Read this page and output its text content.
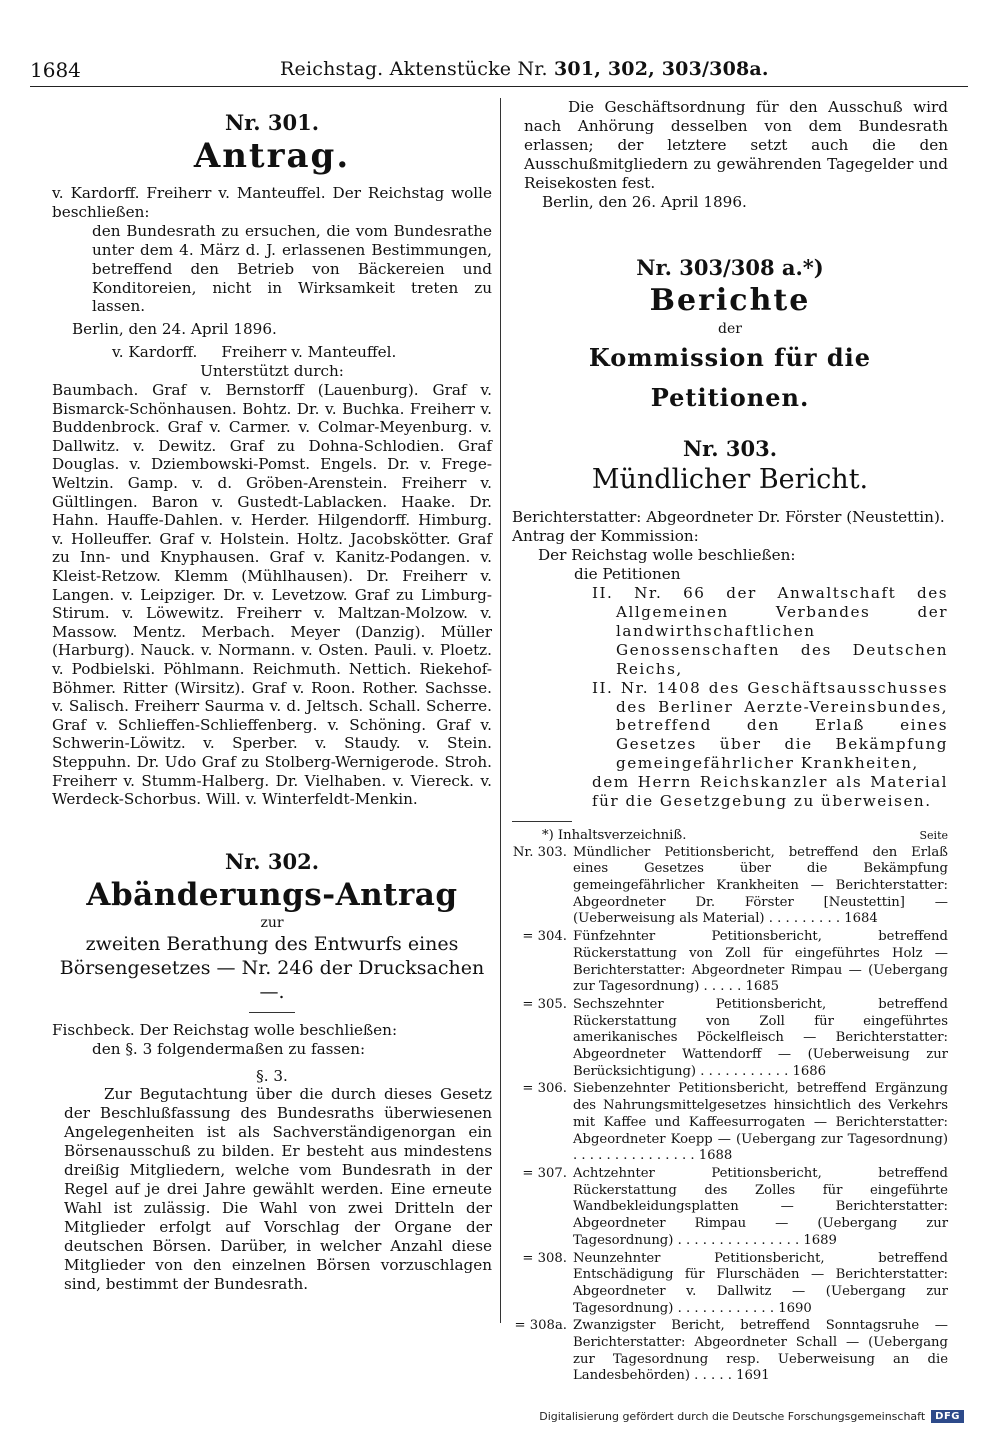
1684	Reichstag. Aktenstücke Nr. 301, 302, 303/308a.

Nr. 301.

Antrag.

v. Kardorff. Freiherr v. Manteuffel. Der Reichstag wolle beschließen:

den Bundesrath zu ersuchen, die vom Bundesrathe unter dem 4. März d. J. erlassenen Bestimmungen, betreffend den Betrieb von Bäckereien und Konditoreien, nicht in Wirksamkeit treten zu lassen.

Berlin, den 24. April 1896.

v. Kardorff.     Freiherr v. Manteuffel.

Unterstützt durch:

Baumbach. Graf v. Bernstorff (Lauenburg). Graf v. Bismarck-Schönhausen. Bohtz. Dr. v. Buchka. Freiherr v. Buddenbrock. Graf v. Carmer. v. Colmar-Meyenburg. v. Dallwitz. v. Dewitz. Graf zu Dohna-Schlodien. Graf Douglas. v. Dziembowski-Pomst. Engels. Dr. v. Frege-Weltzin. Gamp. v. d. Gröben-Arenstein. Freiherr v. Gültlingen. Baron v. Gustedt-Lablacken. Haake. Dr. Hahn. Hauffe-Dahlen. v. Herder. Hilgendorff. Himburg. v. Holleuffer. Graf v. Holstein. Holtz. Jacobskötter. Graf zu Inn- und Knyphausen. Graf v. Kanitz-Podangen. v. Kleist-Retzow. Klemm (Mühlhausen). Dr. Freiherr v. Langen. v. Leipziger. Dr. v. Levetzow. Graf zu Limburg-Stirum. v. Löwewitz. Freiherr v. Maltzan-Molzow. v. Massow. Mentz. Merbach. Meyer (Danzig). Müller (Harburg). Nauck. v. Normann. v. Osten. Pauli. v. Ploetz. v. Podbielski. Pöhlmann. Reichmuth. Nettich. Riekehof-Böhmer. Ritter (Wirsitz). Graf v. Roon. Rother. Sachsse. v. Salisch. Freiherr Saurma v. d. Jeltsch. Schall. Scherre. Graf v. Schlieffen-Schlieffenberg. v. Schöning. Graf v. Schwerin-Löwitz. v. Sperber. v. Staudy. v. Stein. Steppuhn. Dr. Udo Graf zu Stolberg-Wernigerode. Stroh. Freiherr v. Stumm-Halberg. Dr. Vielhaben. v. Viereck. v. Werdeck-Schorbus. Will. v. Winterfeldt-Menkin.

Nr. 302.

Abänderungs-Antrag

zur

zweiten Berathung des Entwurfs eines Börsengesetzes — Nr. 246 der Drucksachen —.

Fischbeck. Der Reichstag wolle beschließen:

den §. 3 folgendermaßen zu fassen:

§. 3.

Zur Begutachtung über die durch dieses Gesetz der Beschlußfassung des Bundesraths überwiesenen Angelegenheiten ist als Sachverständigenorgan ein Börsenausschuß zu bilden. Er besteht aus mindestens dreißig Mitgliedern, welche vom Bundesrath in der Regel auf je drei Jahre gewählt werden. Eine erneute Wahl ist zulässig. Die Wahl von zwei Dritteln der Mitglieder erfolgt auf Vorschlag der Organe der deutschen Börsen. Darüber, in welcher Anzahl diese Mitglieder von den einzelnen Börsen vorzuschlagen sind, bestimmt der Bundesrath.

Die Geschäftsordnung für den Ausschuß wird nach Anhörung desselben von dem Bundesrath erlassen; der letztere setzt auch die den Ausschußmitgliedern zu gewährenden Tagegelder und Reisekosten fest.

Berlin, den 26. April 1896.

Nr. 303/308 a.*)

Berichte

der

Kommission für die Petitionen.

Nr. 303.

Mündlicher Bericht.

Berichterstatter: Abgeordneter Dr. Förster (Neustettin).

Antrag der Kommission:

Der Reichstag wolle beschließen:

die Petitionen

II. Nr. 66 der Anwaltschaft des Allgemeinen Verbandes der landwirthschaftlichen Genossenschaften des Deutschen Reichs,

II. Nr. 1408 des Geschäftsausschusses des Berliner Aerzte-Vereinsbundes, betreffend den Erlaß eines Gesetzes über die Bekämpfung gemeingefährlicher Krankheiten,

dem Herrn Reichskanzler als Material für die Gesetzgebung zu überweisen.

*) Inhaltsverzeichniß.	Seite
Nr. 303. Mündlicher Petitionsbericht, betreffend den Erlaß eines Gesetzes über die Bekämpfung gemeingefährlicher Krankheiten — Berichterstatter: Abgeordneter Dr. Förster [Neustettin] — (Ueberweisung als Material) . . . . . . . . . 1684
= 304. Fünfzehnter Petitionsbericht, betreffend Rückerstattung von Zoll für eingeführtes Holz — Berichterstatter: Abgeordneter Rimpau — (Uebergang zur Tagesordnung) . . . . . 1685
= 305. Sechszehnter Petitionsbericht, betreffend Rückerstattung von Zoll für eingeführtes amerikanisches Pöckelfleisch — Berichterstatter: Abgeordneter Wattendorff — (Ueberweisung zur Berücksichtigung) . . . . . . . . . . . 1686
= 306. Siebenzehnter Petitionsbericht, betreffend Ergänzung des Nahrungsmittelgesetzes hinsichtlich des Verkehrs mit Kaffee und Kaffeesurrogaten — Berichterstatter: Abgeordneter Koepp — (Uebergang zur Tagesordnung) . . . . . . . . . . . . . . . 1688
= 307. Achtzehnter Petitionsbericht, betreffend Rückerstattung des Zolles für eingeführte Wandbekleidungsplatten — Berichterstatter: Abgeordneter Rimpau — (Uebergang zur Tagesordnung) . . . . . . . . . . . . . . . 1689
= 308. Neunzehnter Petitionsbericht, betreffend Entschädigung für Flurschäden — Berichterstatter: Abgeordneter v. Dallwitz — (Uebergang zur Tagesordnung) . . . . . . . . . . . . 1690
= 308a. Zwanzigster Bericht, betreffend Sonntagsruhe — Berichterstatter: Abgeordneter Schall — (Uebergang zur Tagesordnung resp. Ueberweisung an die Landesbehörden) . . . . . 1691
Digitalisierung gefördert durch die Deutsche Forschungsgemeinschaft	DFG
